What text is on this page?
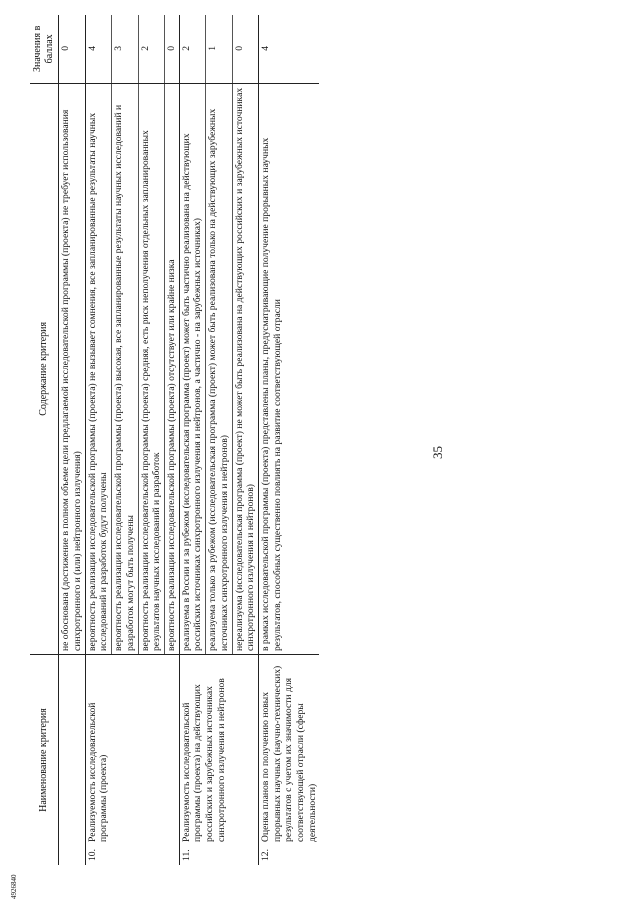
4926840
35
Наименование критерия		Содержание критерия	Значения в баллах
		не обоснована (достижение в полном объеме цели предлагаемой исследовательской программы (проекта) не требует использования синхротронного и (или) нейтронного излучения)	0
10.	Реализуемость исследовательской программы (проекта)	вероятность реализации исследовательской программы (проекта) не вызывает сомнения, все запланированные результаты научных исследований и разработок будут получены	4
		вероятность реализации исследовательской программы (проекта) высокая, все запланированные результаты научных исследований и разработок могут быть получены	3
		вероятность реализации исследовательской программы (проекта) средняя, есть риск неполучения отдельных запланированных результатов научных исследований и разработок	2
		вероятность реализации исследовательской программы (проекта) отсутствует или крайне низка	0
11.	Реализуемость исследовательской программы (проекта) на действующих российских и зарубежных источниках синхротронного излучения и нейтронов	реализуема в России и за рубежом (исследовательская программа (проект) может быть частично реализована на действующих российских источниках синхротронного излучения и нейтронов, а частично - на зарубежных источниках)	2
		реализуема только за рубежом (исследовательская программа (проект) может быть реализована только на действующих зарубежных источниках синхротронного излучения и нейтронов)	1
		нереализуема (исследовательская программа (проект) не может быть реализована на действующих российских и зарубежных источниках синхротронного излучения и нейтронов)	0
12.	Оценка планов по получению новых прорывных научных (научно-технических) результатов с учетом их значимости для соответствующей отрасли (сферы деятельности)	в рамках исследовательской программы (проекта) представлены планы, предусматривающие получение прорывных научных результатов, способных существенно повлиять на развитие соответствующей отрасли	4
